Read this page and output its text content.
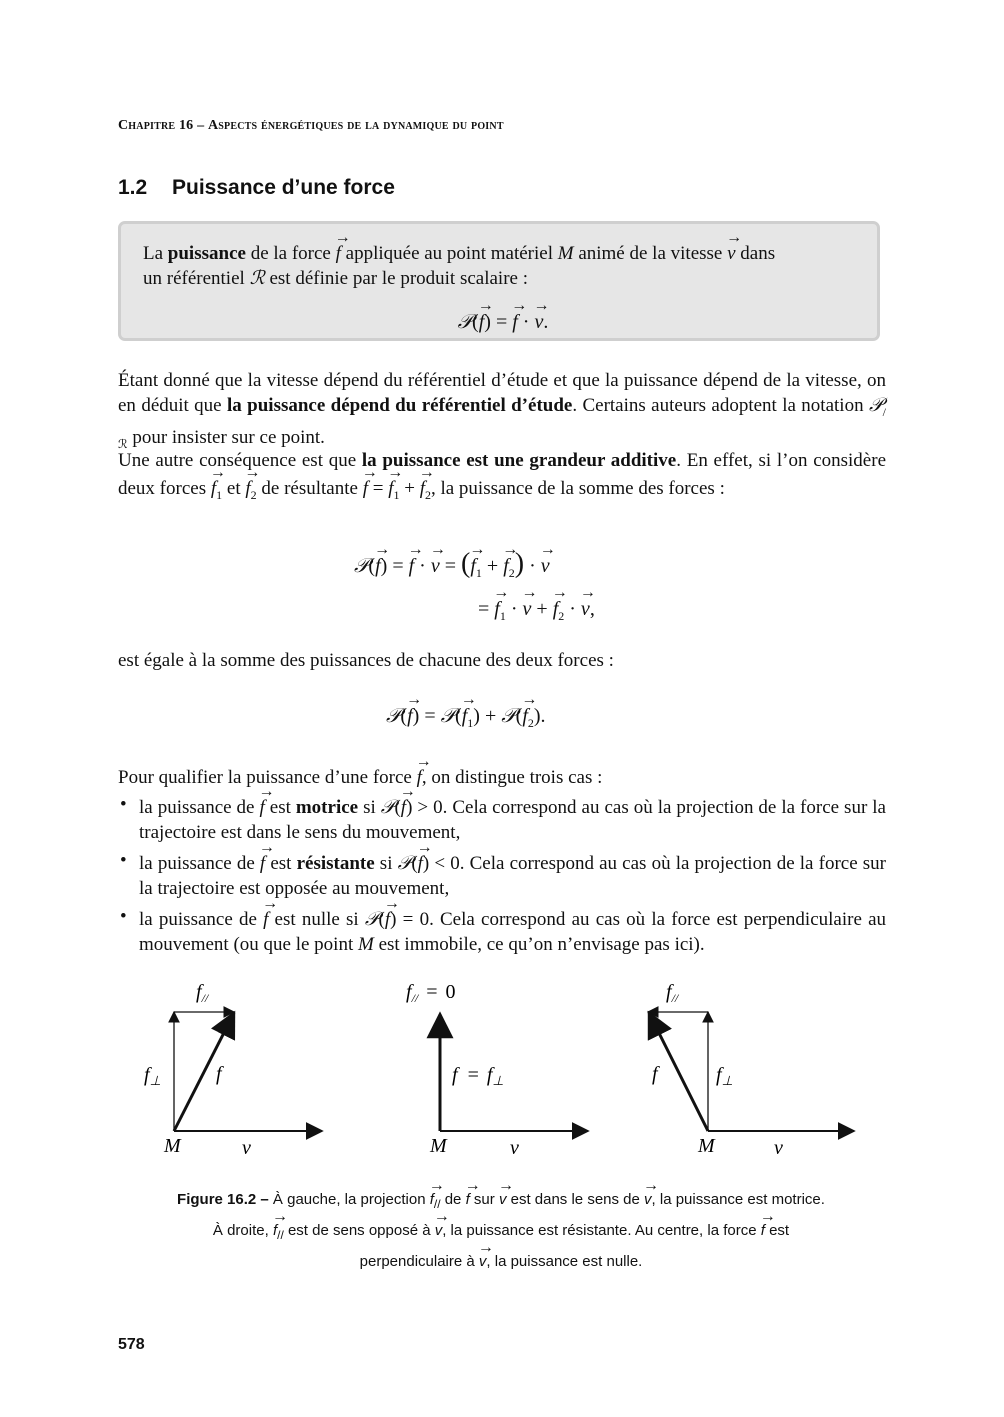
Chapitre 16 – Aspects énergétiques de la dynamique du point
1.2 Puissance d’une force

La puissance de la force → f appliquée au point matériel M animé de la vitesse → v dans
un référentiel ℛ est définie par le produit scalaire :

𝒫(→ f) = → f · → v.

Étant donné que la vitesse dépend du référentiel d’étude et que la puissance dépend de la vitesse, on en déduit que la puissance dépend du référentiel d’étude. Certains auteurs adoptent la notation 𝒫$_{/ℛ}$ pour insister sur ce point.

Une autre conséquence est que la puissance est une grandeur additive. En effet, si l’on considère deux forces → $f_1$ et → $f_2$ de résultante → f = → $f_1$ + → $f_2$, la puissance de la somme des forces :

𝒫(→ f) = → f · → v = (→ $f_1$ + → $f_2$) · → v
= → $f_1$ · → v + → $f_2$ · → v,

est égale à la somme des puissances de chacune des deux forces :

𝒫(→ f) = 𝒫(→ $f_1$) + 𝒫(→ $f_2$).

Pour qualifier la puissance d’une force → f, on distingue trois cas :

• la puissance de → f est motrice si 𝒫(→ f) > 0. Cela correspond au cas où la projection de la force sur la trajectoire est dans le sens du mouvement,
• la puissance de → f est résistante si 𝒫(→ f) < 0. Cela correspond au cas où la projection de la force sur la trajectoire est opposée au mouvement,
• la puissance de → f est nulle si 𝒫(→ f) = 0. Cela correspond au cas où la force est perpendiculaire au mouvement (ou que le point M est immobile, ce qu’on n’envisage pas ici).
M	v
$f_\perp$	f
$f_{//}$
M	v
$f = f_\perp$
$f_{//} = 0$
M	v
f	$f_\perp$
$f_{//}$
Figure 16.2 – À gauche, la projection → $f_{//}$ de → f sur → v est dans le sens de → v, la puissance est motrice. À droite, → $f_{//}$ est de sens opposé à → v, la puissance est résistante. Au centre, la force → f est perpendiculaire à → v, la puissance est nulle.
578
